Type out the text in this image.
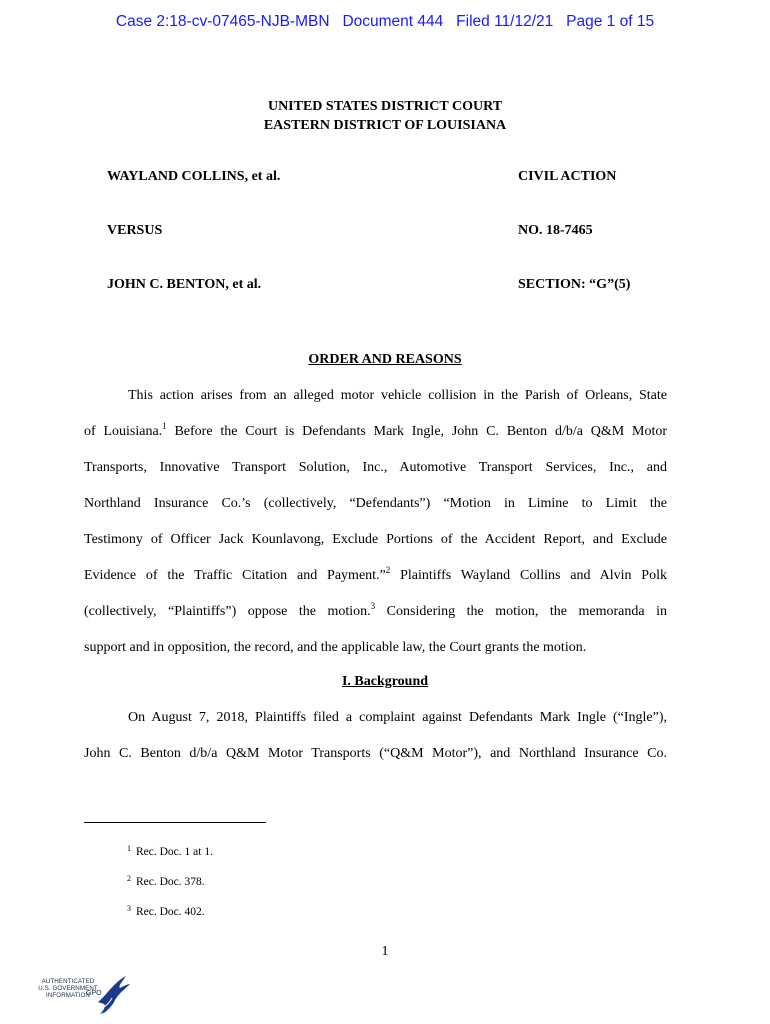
Case 2:18-cv-07465-NJB-MBN   Document 444   Filed 11/12/21   Page 1 of 15
UNITED STATES DISTRICT COURT
EASTERN DISTRICT OF LOUISIANA
WAYLAND COLLINS, et al.	CIVIL ACTION
VERSUS	NO. 18-7465
JOHN C. BENTON, et al.	SECTION: “G”(5)
ORDER AND REASONS
This action arises from an alleged motor vehicle collision in the Parish of Orleans, State
of Louisiana.$^1$ Before the Court is Defendants Mark Ingle, John C. Benton d/b/a Q&M Motor
Transports, Innovative Transport Solution, Inc., Automotive Transport Services, Inc., and
Northland Insurance Co.’s (collectively, “Defendants”) “Motion in Limine to Limit the
Testimony of Officer Jack Kounlavong, Exclude Portions of the Accident Report, and Exclude
Evidence of the Traffic Citation and Payment.”$^2$ Plaintiffs Wayland Collins and Alvin Polk
(collectively, “Plaintiffs”) oppose the motion.$^3$ Considering the motion, the memoranda in
support and in opposition, the record, and the applicable law, the Court grants the motion.
I. Background
On August 7, 2018, Plaintiffs filed a complaint against Defendants Mark Ingle (“Ingle”),
John C. Benton d/b/a Q&M Motor Transports (“Q&M Motor”), and Northland Insurance Co.
$^1$ Rec. Doc. 1 at 1.
$^2$ Rec. Doc. 378.
$^3$ Rec. Doc. 402.
1
AUTHENTICATED
U.S. GOVERNMENT
INFORMATION
GPO
